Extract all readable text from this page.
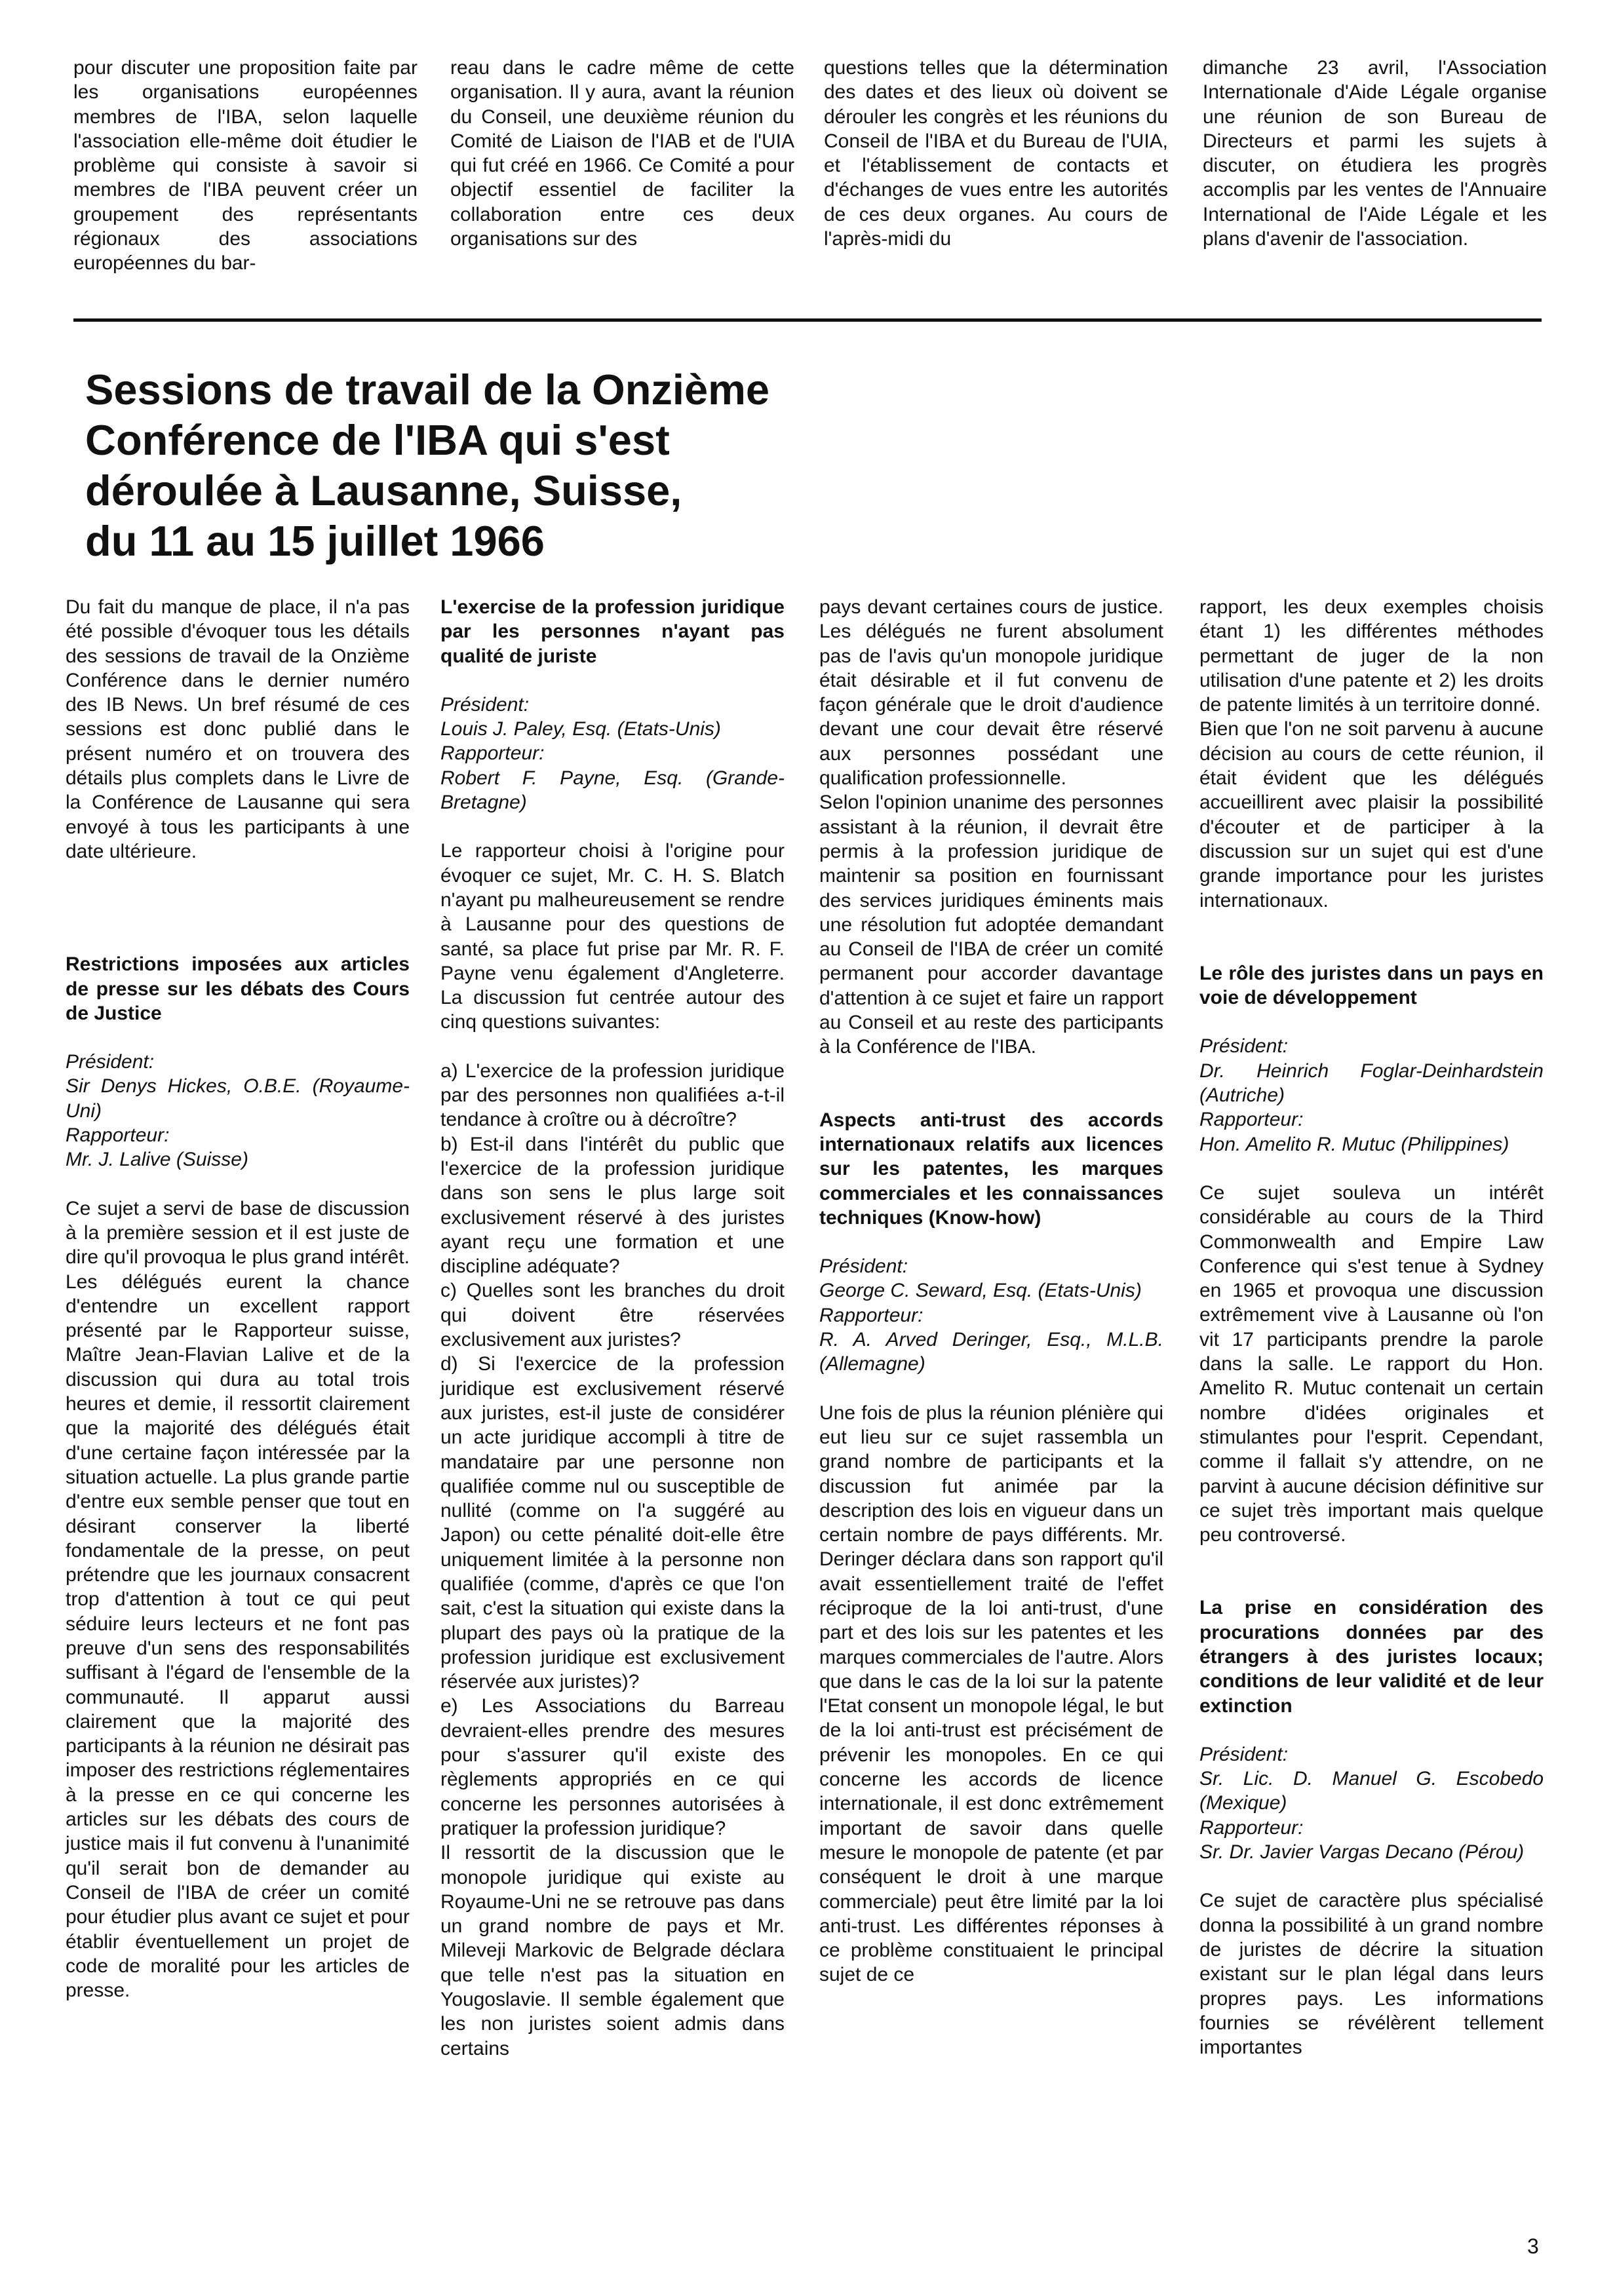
pour discuter une proposition faite par les organisations européennes membres de l'IBA, selon laquelle l'association elle-même doit étudier le problème qui consiste à savoir si membres de l'IBA peuvent créer un groupement des représentants régionaux des associations européennes du bar-

reau dans le cadre même de cette organisation. Il y aura, avant la réunion du Conseil, une deuxième réunion du Comité de Liaison de l'IAB et de l'UIA qui fut créé en 1966. Ce Comité a pour objectif essentiel de faciliter la collaboration entre ces deux organisations sur des

questions telles que la détermination des dates et des lieux où doivent se dérouler les congrès et les réunions du Conseil de l'IBA et du Bureau de l'UIA, et l'établissement de contacts et d'échanges de vues entre les autorités de ces deux organes. Au cours de l'après-midi du

dimanche 23 avril, l'Association Internationale d'Aide Légale organise une réunion de son Bureau de Directeurs et parmi les sujets à discuter, on étudiera les progrès accomplis par les ventes de l'Annuaire International de l'Aide Légale et les plans d'avenir de l'association.

Sessions de travail de la Onzième
Conférence de l'IBA qui s'est
déroulée à Lausanne, Suisse,
du 11 au 15 juillet 1966

Du fait du manque de place, il n'a pas été possible d'évoquer tous les détails des sessions de travail de la Onzième Conférence dans le dernier numéro des IB News. Un bref résumé de ces sessions est donc publié dans le présent numéro et on trouvera des détails plus complets dans le Livre de la Conférence de Lausanne qui sera envoyé à tous les participants à une date ultérieure.

Restrictions imposées aux articles de presse sur les débats des Cours de Justice

Président:

Sir Denys Hickes, O.B.E. (Royaume-Uni)

Rapporteur:

Mr. J. Lalive (Suisse)

Ce sujet a servi de base de discussion à la première session et il est juste de dire qu'il provoqua le plus grand intérêt. Les délégués eurent la chance d'entendre un excellent rapport présenté par le Rapporteur suisse, Maître Jean-Flavian Lalive et de la discussion qui dura au total trois heures et demie, il ressortit clairement que la majorité des délégués était d'une certaine façon intéressée par la situation actuelle. La plus grande partie d'entre eux semble penser que tout en désirant conserver la liberté fondamentale de la presse, on peut prétendre que les journaux consacrent trop d'attention à tout ce qui peut séduire leurs lecteurs et ne font pas preuve d'un sens des responsabilités suffisant à l'égard de l'ensemble de la communauté. Il apparut aussi clairement que la majorité des participants à la réunion ne désirait pas imposer des restrictions réglementaires à la presse en ce qui concerne les articles sur les débats des cours de justice mais il fut convenu à l'unanimité qu'il serait bon de demander au Conseil de l'IBA de créer un comité pour étudier plus avant ce sujet et pour établir éventuellement un projet de code de moralité pour les articles de presse.

L'exercise de la profession juridique par les personnes n'ayant pas qualité de juriste

Président:

Louis J. Paley, Esq. (Etats-Unis)

Rapporteur:

Robert F. Payne, Esq. (Grande-Bretagne)

Le rapporteur choisi à l'origine pour évoquer ce sujet, Mr. C. H. S. Blatch n'ayant pu malheureusement se rendre à Lausanne pour des questions de santé, sa place fut prise par Mr. R. F. Payne venu également d'Angleterre. La discussion fut centrée autour des cinq questions suivantes:

a) L'exercice de la profession juridique par des personnes non qualifiées a-t-il tendance à croître ou à décroître?

b) Est-il dans l'intérêt du public que l'exercice de la profession juridique dans son sens le plus large soit exclusivement réservé à des juristes ayant reçu une formation et une discipline adéquate?

c) Quelles sont les branches du droit qui doivent être réservées exclusivement aux juristes?

d) Si l'exercice de la profession juridique est exclusivement réservé aux juristes, est-il juste de considérer un acte juridique accompli à titre de mandataire par une personne non qualifiée comme nul ou susceptible de nullité (comme on l'a suggéré au Japon) ou cette pénalité doit-elle être uniquement limitée à la personne non qualifiée (comme, d'après ce que l'on sait, c'est la situation qui existe dans la plupart des pays où la pratique de la profession juridique est exclusivement réservée aux juristes)?

e) Les Associations du Barreau devraient-elles prendre des mesures pour s'assurer qu'il existe des règlements appropriés en ce qui concerne les personnes autorisées à pratiquer la profession juridique?

Il ressortit de la discussion que le monopole juridique qui existe au Royaume-Uni ne se retrouve pas dans un grand nombre de pays et Mr. Mileveji Markovic de Belgrade déclara que telle n'est pas la situation en Yougoslavie. Il semble également que les non juristes soient admis dans certains

pays devant certaines cours de justice. Les délégués ne furent absolument pas de l'avis qu'un monopole juridique était désirable et il fut convenu de façon générale que le droit d'audience devant une cour devait être réservé aux personnes possédant une qualification professionnelle.

Selon l'opinion unanime des personnes assistant à la réunion, il devrait être permis à la profession juridique de maintenir sa position en fournissant des services juridiques éminents mais une résolution fut adoptée demandant au Conseil de l'IBA de créer un comité permanent pour accorder davantage d'attention à ce sujet et faire un rapport au Conseil et au reste des participants à la Conférence de l'IBA.

Aspects anti-trust des accords internationaux relatifs aux licences sur les patentes, les marques commerciales et les connaissances techniques (Know-how)

Président:

George C. Seward, Esq. (Etats-Unis)

Rapporteur:

R. A. Arved Deringer, Esq., M.L.B. (Allemagne)

Une fois de plus la réunion plénière qui eut lieu sur ce sujet rassembla un grand nombre de participants et la discussion fut animée par la description des lois en vigueur dans un certain nombre de pays différents. Mr. Deringer déclara dans son rapport qu'il avait essentiellement traité de l'effet réciproque de la loi anti-trust, d'une part et des lois sur les patentes et les marques commerciales de l'autre. Alors que dans le cas de la loi sur la patente l'Etat consent un monopole légal, le but de la loi anti-trust est précisément de prévenir les monopoles. En ce qui concerne les accords de licence internationale, il est donc extrêmement important de savoir dans quelle mesure le monopole de patente (et par conséquent le droit à une marque commerciale) peut être limité par la loi anti-trust. Les différentes réponses à ce problème constituaient le principal sujet de ce

rapport, les deux exemples choisis étant 1) les différentes méthodes permettant de juger de la non utilisation d'une patente et 2) les droits de patente limités à un territoire donné.

Bien que l'on ne soit parvenu à aucune décision au cours de cette réunion, il était évident que les délégués accueillirent avec plaisir la possibilité d'écouter et de participer à la discussion sur un sujet qui est d'une grande importance pour les juristes internationaux.

Le rôle des juristes dans un pays en voie de développement

Président:

Dr. Heinrich Foglar-Deinhardstein (Autriche)

Rapporteur:

Hon. Amelito R. Mutuc (Philippines)

Ce sujet souleva un intérêt considérable au cours de la Third Commonwealth and Empire Law Conference qui s'est tenue à Sydney en 1965 et provoqua une discussion extrêmement vive à Lausanne où l'on vit 17 participants prendre la parole dans la salle. Le rapport du Hon. Amelito R. Mutuc contenait un certain nombre d'idées originales et stimulantes pour l'esprit. Cependant, comme il fallait s'y attendre, on ne parvint à aucune décision définitive sur ce sujet très important mais quelque peu controversé.

La prise en considération des procurations données par des étrangers à des juristes locaux; conditions de leur validité et de leur extinction

Président:

Sr. Lic. D. Manuel G. Escobedo (Mexique)

Rapporteur:

Sr. Dr. Javier Vargas Decano (Pérou)

Ce sujet de caractère plus spécialisé donna la possibilité à un grand nombre de juristes de décrire la situation existant sur le plan légal dans leurs propres pays. Les informations fournies se révélèrent tellement importantes

3
